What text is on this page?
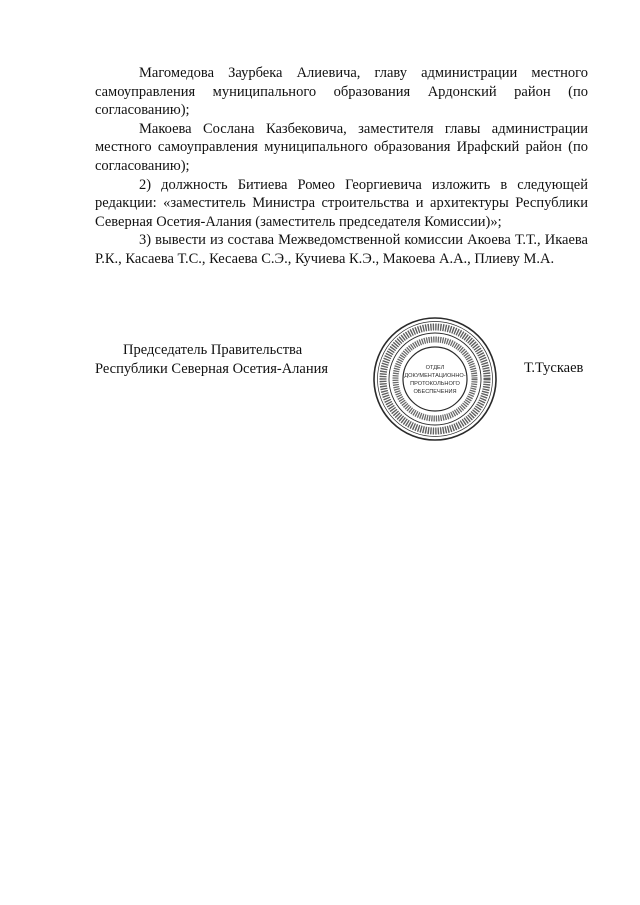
Магомедова Заурбека Алиевича, главу администрации местного самоуправления муниципального образования Ардонский район (по согласованию);

Макоева Сослана Казбековича, заместителя главы администрации местного самоуправления муниципального образования Ирафский район (по согласованию);

2) должность Битиева Ромео Георгиевича изложить в следующей редакции: «заместитель Министра строительства и архитектуры Республики Северная Осетия-Алания (заместитель председателя Комиссии)»;

3) вывести из состава Межведомственной комиссии Акоева Т.Т., Икаева Р.К., Касаева Т.С., Кесаева С.Э., Кучиева К.Э., Макоева А.А., Плиеву М.А.

Председатель Правительства
Республики Северная Осетия-Алания	Т.Тускаев
ОТДЕЛ
ДОКУМЕНТАЦИОННО-
ПРОТОКОЛЬНОГО
ОБЕСПЕЧЕНИЯ
